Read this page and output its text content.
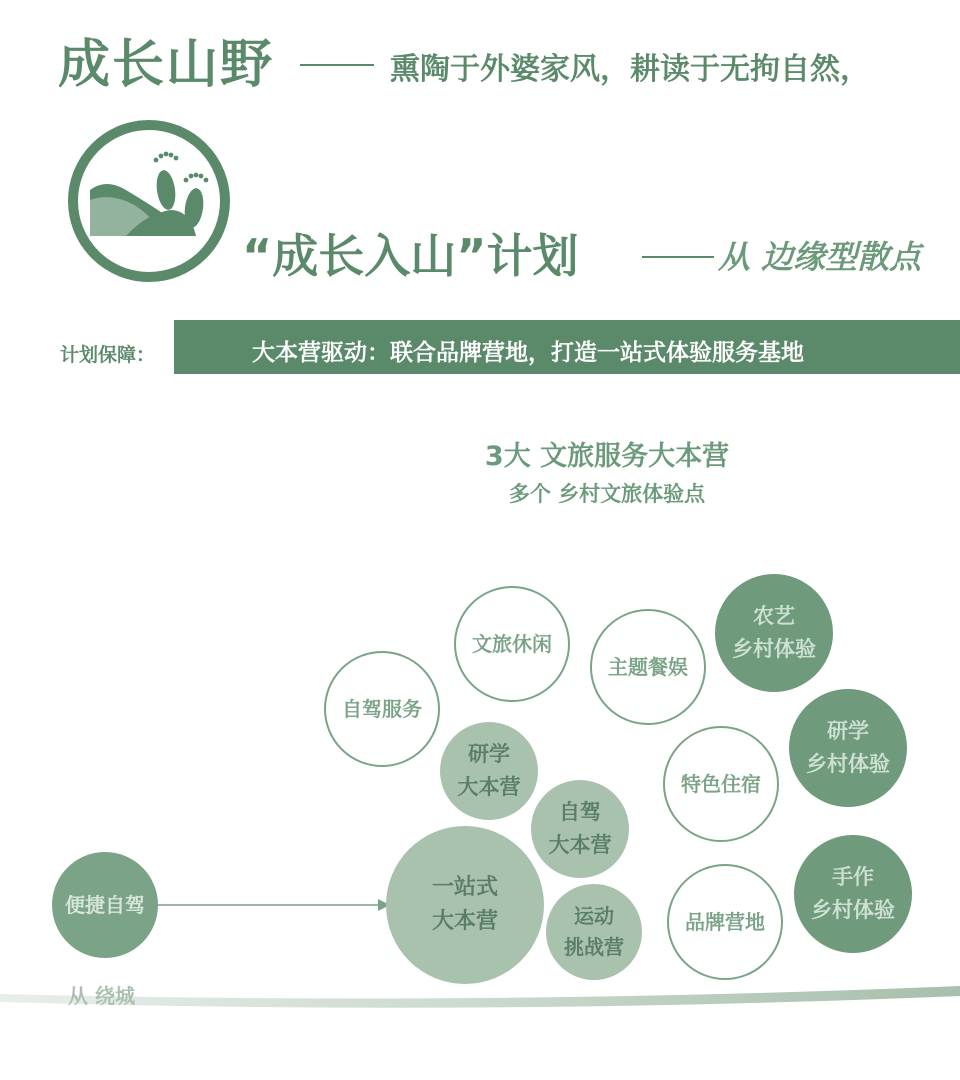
成长山野	熏陶于外婆家风，耕读于无拘自然，
“成长入山”计划	从 边缘型散点
计划保障：	大本营驱动：联合品牌营地，打造一站式体验服务基地
3大 文旅服务大本营
多个 乡村文旅体验点
便捷自驾
一站式
大本营
研学
大本营
自驾
大本营
运动
挑战营
自驾服务
文旅休闲
主题餐娱
特色住宿
品牌营地
农艺
乡村体验
研学
乡村体验
手作
乡村体验
从 绕城
